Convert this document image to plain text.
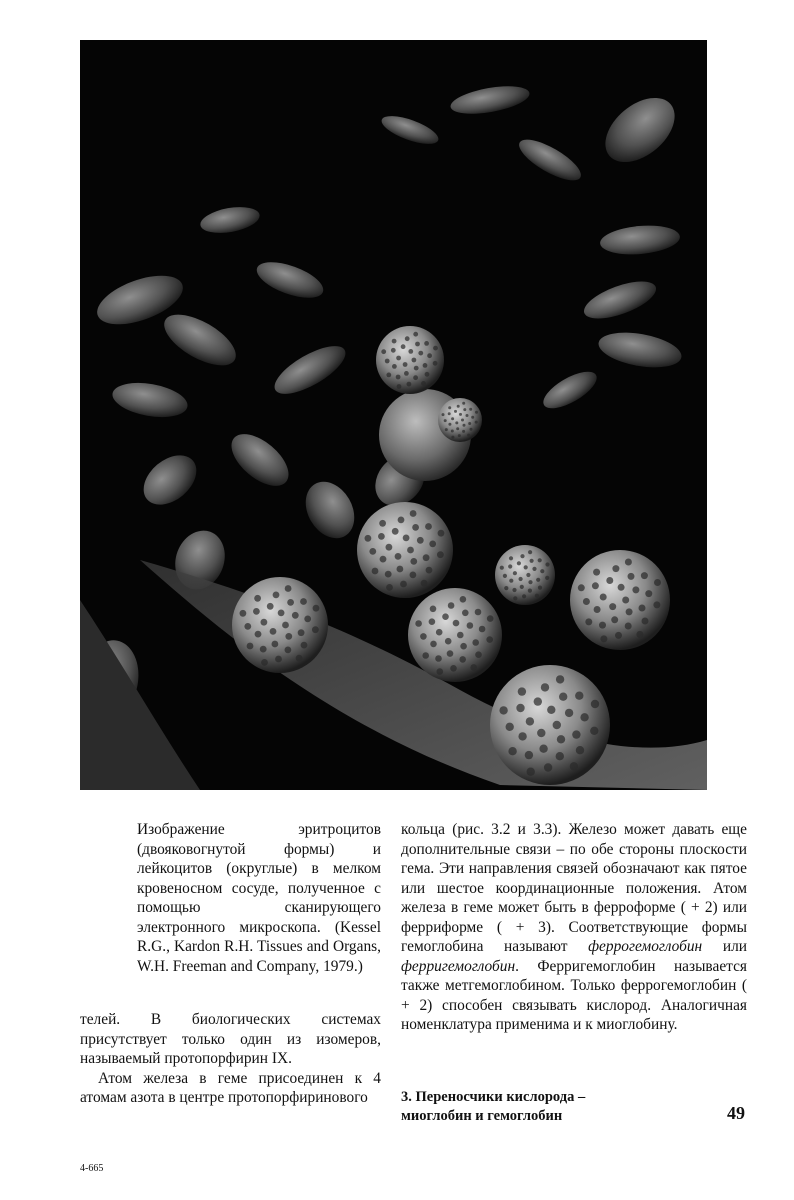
Изображение эритроцитов (двояковогнутой формы) и лейкоцитов (округлые) в мелком кровеносном сосуде, полученное с помощью сканирующего электронного микроскопа. (Kessel R.G., Kardon R.H. Tissues and Organs, W.H. Freeman and Company, 1979.)

телей. В биологических системах присутствует только один из изомеров, называемый протопорфирин IX.

Атом железа в геме присоединен к 4 атомам азота в центре протопорфиринового

кольца (рис. 3.2 и 3.3). Железо может давать еще дополнительные связи – по обе стороны плоскости гема. Эти направления связей обозначают как пятое или шестое координационные положения. Атом железа в геме может быть в ферроформе ( + 2) или ферриформе ( + 3). Соответствующие формы гемоглобина называют феррогемоглобин или ферригемоглобин. Ферригемоглобин называется также метгемоглобином. Только феррогемоглобин ( + 2) способен связывать кислород. Аналогичная номенклатура применима и к миоглобину.

3. Переносчики кислорода –
миоглобин и гемоглобин	49
4-665
